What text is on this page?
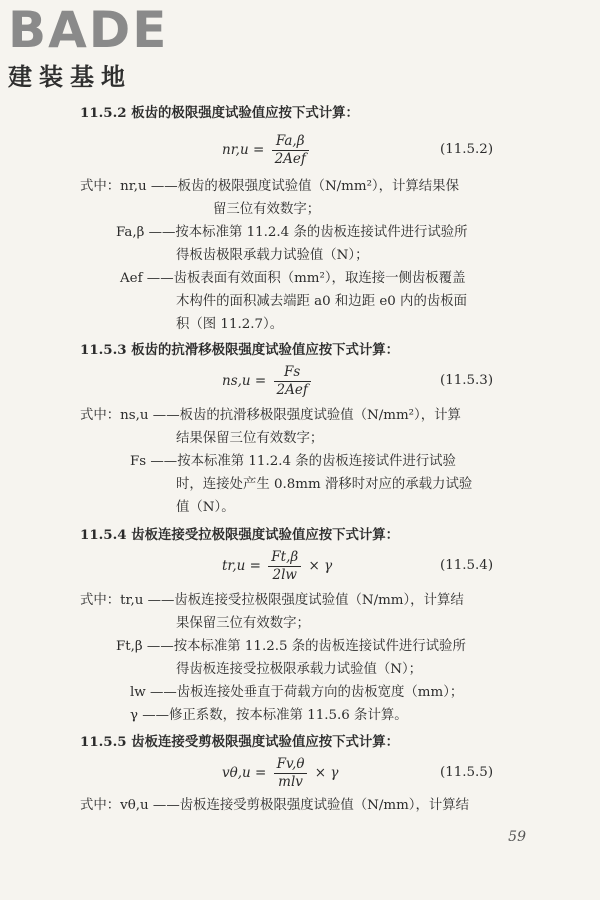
BADE
建装基地
11.5.2 板齿的极限强度试验值应按下式计算：
$nr,u = \frac{Fa,\beta}{\text{2Aef}}$	(11.5.2)
式中：nr,u ——板齿的极限强度试验值（N/mm²），计算结果保
留三位有效数字；
Fa,β ——按本标准第 11.2.4 条的齿板连接试件进行试验所
得板齿极限承载力试验值（N）；
Aef ——齿板表面有效面积（mm²），取连接一侧齿板覆盖
木构件的面积减去端距 a0 和边距 e0 内的齿板面
积（图 11.2.7）。
11.5.3 板齿的抗滑移极限强度试验值应按下式计算：
$ns,u = \frac{Fs}{\text{2Aef}}$	(11.5.3)
式中：ns,u ——板齿的抗滑移极限强度试验值（N/mm²），计算
结果保留三位有效数字；
Fs ——按本标准第 11.2.4 条的齿板连接试件进行试验
时，连接处产生 0.8mm 滑移时对应的承载力试验
值（N）。
11.5.4 齿板连接受拉极限强度试验值应按下式计算：
$tr,u = \frac{Ft,\beta}{2lw} \times \gamma$	(11.5.4)
式中：tr,u ——齿板连接受拉极限强度试验值（N/mm），计算结
果保留三位有效数字；
Ft,β ——按本标准第 11.2.5 条的齿板连接试件进行试验所
得齿板连接受拉极限承载力试验值（N）；
lw ——齿板连接处垂直于荷载方向的齿板宽度（mm）；
γ ——修正系数，按本标准第 11.5.6 条计算。
11.5.5 齿板连接受剪极限强度试验值应按下式计算：
$v\theta,u = \frac{Fv,\theta}{\text{mlv}} \times \gamma$	(11.5.5)
式中：vθ,u ——齿板连接受剪极限强度试验值（N/mm），计算结
59
